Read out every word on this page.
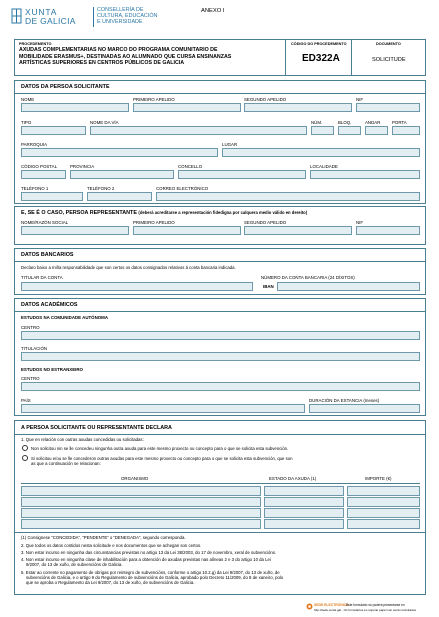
XUNTA
DE GALICIA
CONSELLERÍA DE
CULTURA, EDUCACIÓN
E UNIVERSIDADE
ANEXO I
PROCEDEMENTO
AXUDAS COMPLEMENTARIAS NO MARCO DO PROGRAMA COMUNITARIO DE
MOBILIDADE ERASMUS+, DESTINADAS AO ALUMNADO QUE CURSA ENSINANZAS
ARTÍSTICAS SUPERIORES EN CENTROS PÚBLICOS DE GALICIA
CÓDIGO DO PROCEDEMENTO
ED322A
DOCUMENTO
SOLICITUDE
DATOS DA PERSOA SOLICITANTE
NOME	PRIMEIRO APELIDO	SEGUNDO APELIDO	NIF
TIPO	NOME DA VÍA	NÚM.	BLOQ.	ANDAR	PORTA
PARROQUIA	LUGAR
CÓDIGO POSTAL	PROVINCIA	CONCELLO	LOCALIDADE
TELÉFONO 1	TELÉFONO 2	CORREO ELECTRÓNICO
E, SE É O CASO, PERSOA REPRESENTANTE (deberá acreditarse a representación fidedigna por calquera medio válido en dereito)
NOME/RAZÓN SOCIAL	PRIMEIRO APELIDO	SEGUNDO APELIDO	NIF
DATOS BANCARIOS
Declaro baixo a miña responsabilidade que son certos os datos consignados relativos á conta bancaria indicada.
TITULAR DA CONTA	NÚMERO DA CONTA BANCARIA (24 DÍXITOS)
IBAN
DATOS ACADÉMICOS
ESTUDOS NA COMUNIDADE AUTÓNOMA
CENTRO
TITULACIÓN
ESTUDOS NO ESTRANXEIRO
CENTRO
PAÍS	DURACIÓN DA ESTANCIA (meses)
A PERSOA SOLICITANTE OU REPRESENTANTE DECLARA
1. Que en relación con outras axudas concedidas ou solicitadas:
Non solicitou nin se lle concedeu ningunha outra axuda para este mesmo proxecto ou concepto para o que se solicita esta subvención.
Si solicitou e/ou se lle concederon outras axudas para este mesmo proxecto ou concepto para o que se solicita esta subvención, que son
as que a continuación se relacionan:
ORGANISMO	ESTADO DA AXUDA (1)	IMPORTE (€)
(1) Consignese “CONCEDIDA”, “PENDENTE” o “DENEGADA”, segundo corresponda.
2. Que todos os datos contidos nesta solicitude e nos documentos que se achegan son certos.
3. Non estar incurso en ningunha das circunstancias previstas no artigo 13 da Lei 38/2003, do 17 de novembro, xeral de subvencións.
4. Non estar incurso en ningunha clase de inhabilitación para a obtención de axudas previstas nas alíneas 2 e 3 do artigo 10 da Lei
9/2007, do 13 de xuño, de subvencións de Galicia.
5. Estar ao corrente no pagamento de obrigas por reintegro de subvencións, conforme o artigo 10.2.g) da Lei 9/2007, do 13 de xuño, de
subvencións de Galicia, e o artigo 9 do Regulamento de subvencións de Galicia, aprobado polo Decreto 11/2009, do 8 de xaneiro, polo
que se aproba o Regulamento da Lei 9/2007, do 13 de xuño, de subvencións de Galicia.
SEDE ELECTRÓNICA
Este formulario só poderá presentarse en
http://sede.xunta.gal · Os formularios en soporte papel non serán rexistrados
